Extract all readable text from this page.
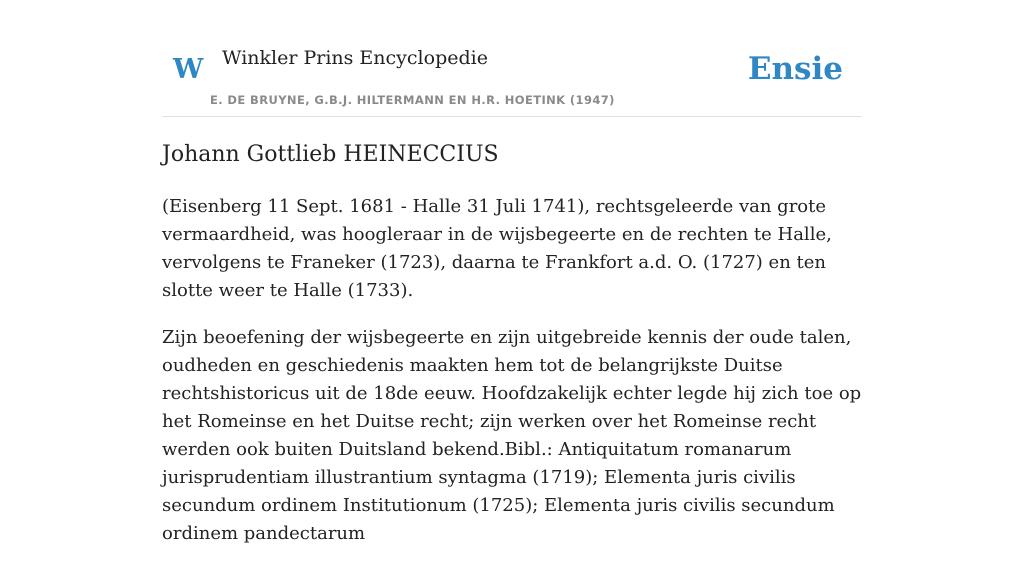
W Winkler Prins Encyclopedie
E. DE BRUYNE, G.B.J. HILTERMANN EN H.R. HOETINK (1947)
Ensie
Johann Gottlieb HEINECCIUS

(Eisenberg 11 Sept. 1681 - Halle 31 Juli 1741), rechtsgeleerde van grote vermaardheid, was hoogleraar in de wijsbegeerte en de rechten te Halle, vervolgens te Franeker (1723), daarna te Frankfort a.d. O. (1727) en ten slotte weer te Halle (1733).

Zijn beoefening der wijsbegeerte en zijn uitgebreide kennis der oude talen, oudheden en geschiedenis maakten hem tot de belangrijkste Duitse rechtshistoricus uit de 18de eeuw. Hoofdzakelijk echter legde hij zich toe op het Romeinse en het Duitse recht; zijn werken over het Romeinse recht werden ook buiten Duitsland bekend.Bibl.: Antiquitatum romanarum jurisprudentiam illustrantium syntagma (1719); Elementa juris civilis secundum ordinem Institutionum (1725); Elementa juris civilis secundum ordinem pandectarum
